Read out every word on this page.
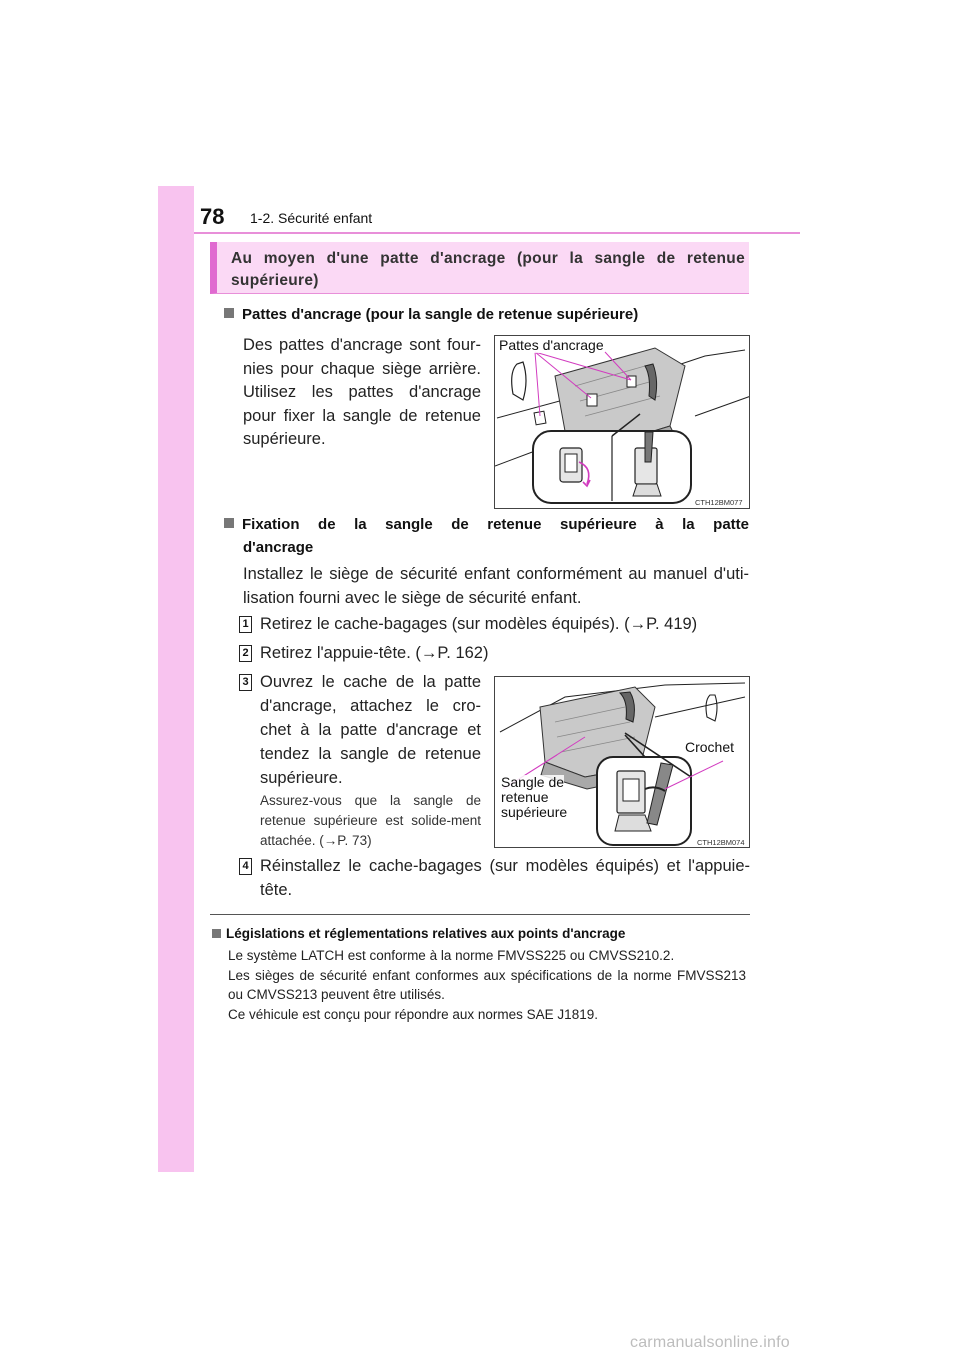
78 1-2. Sécurité enfant
Au moyen d'une patte d'ancrage (pour la sangle de retenue supérieure)
Pattes d'ancrage (pour la sangle de retenue supérieure)
Des pattes d'ancrage sont four-nies pour chaque siège arrière. Utilisez les pattes d'ancrage pour fixer la sangle de retenue supérieure.
Pattes d'ancrage
CTH12BM077
Fixation de la sangle de retenue supérieure à la patte
d'ancrage
Installez le siège de sécurité enfant conformément au manuel d'uti-lisation fourni avec le siège de sécurité enfant.
1 Retirez le cache-bagages (sur modèles équipés). (→P. 419)
2 Retirez l'appuie-tête. (→P. 162)
3 Ouvrez le cache de la patte d'ancrage, attachez le cro-chet à la patte d'ancrage et tendez la sangle de retenue supérieure.
Assurez-vous que la sangle de retenue supérieure est solide-ment attachée. (→P. 73)
Crochet
Sangle de
retenue
supérieure
CTH12BM074
4 Réinstallez le cache-bagages (sur modèles équipés) et l'appuie-tête.
Législations et réglementations relatives aux points d'ancrage

Le système LATCH est conforme à la norme FMVSS225 ou CMVSS210.2.

Les sièges de sécurité enfant conformes aux spécifications de la norme FMVSS213 ou CMVSS213 peuvent être utilisés.

Ce véhicule est conçu pour répondre aux normes SAE J1819.

carmanualsonline.info
